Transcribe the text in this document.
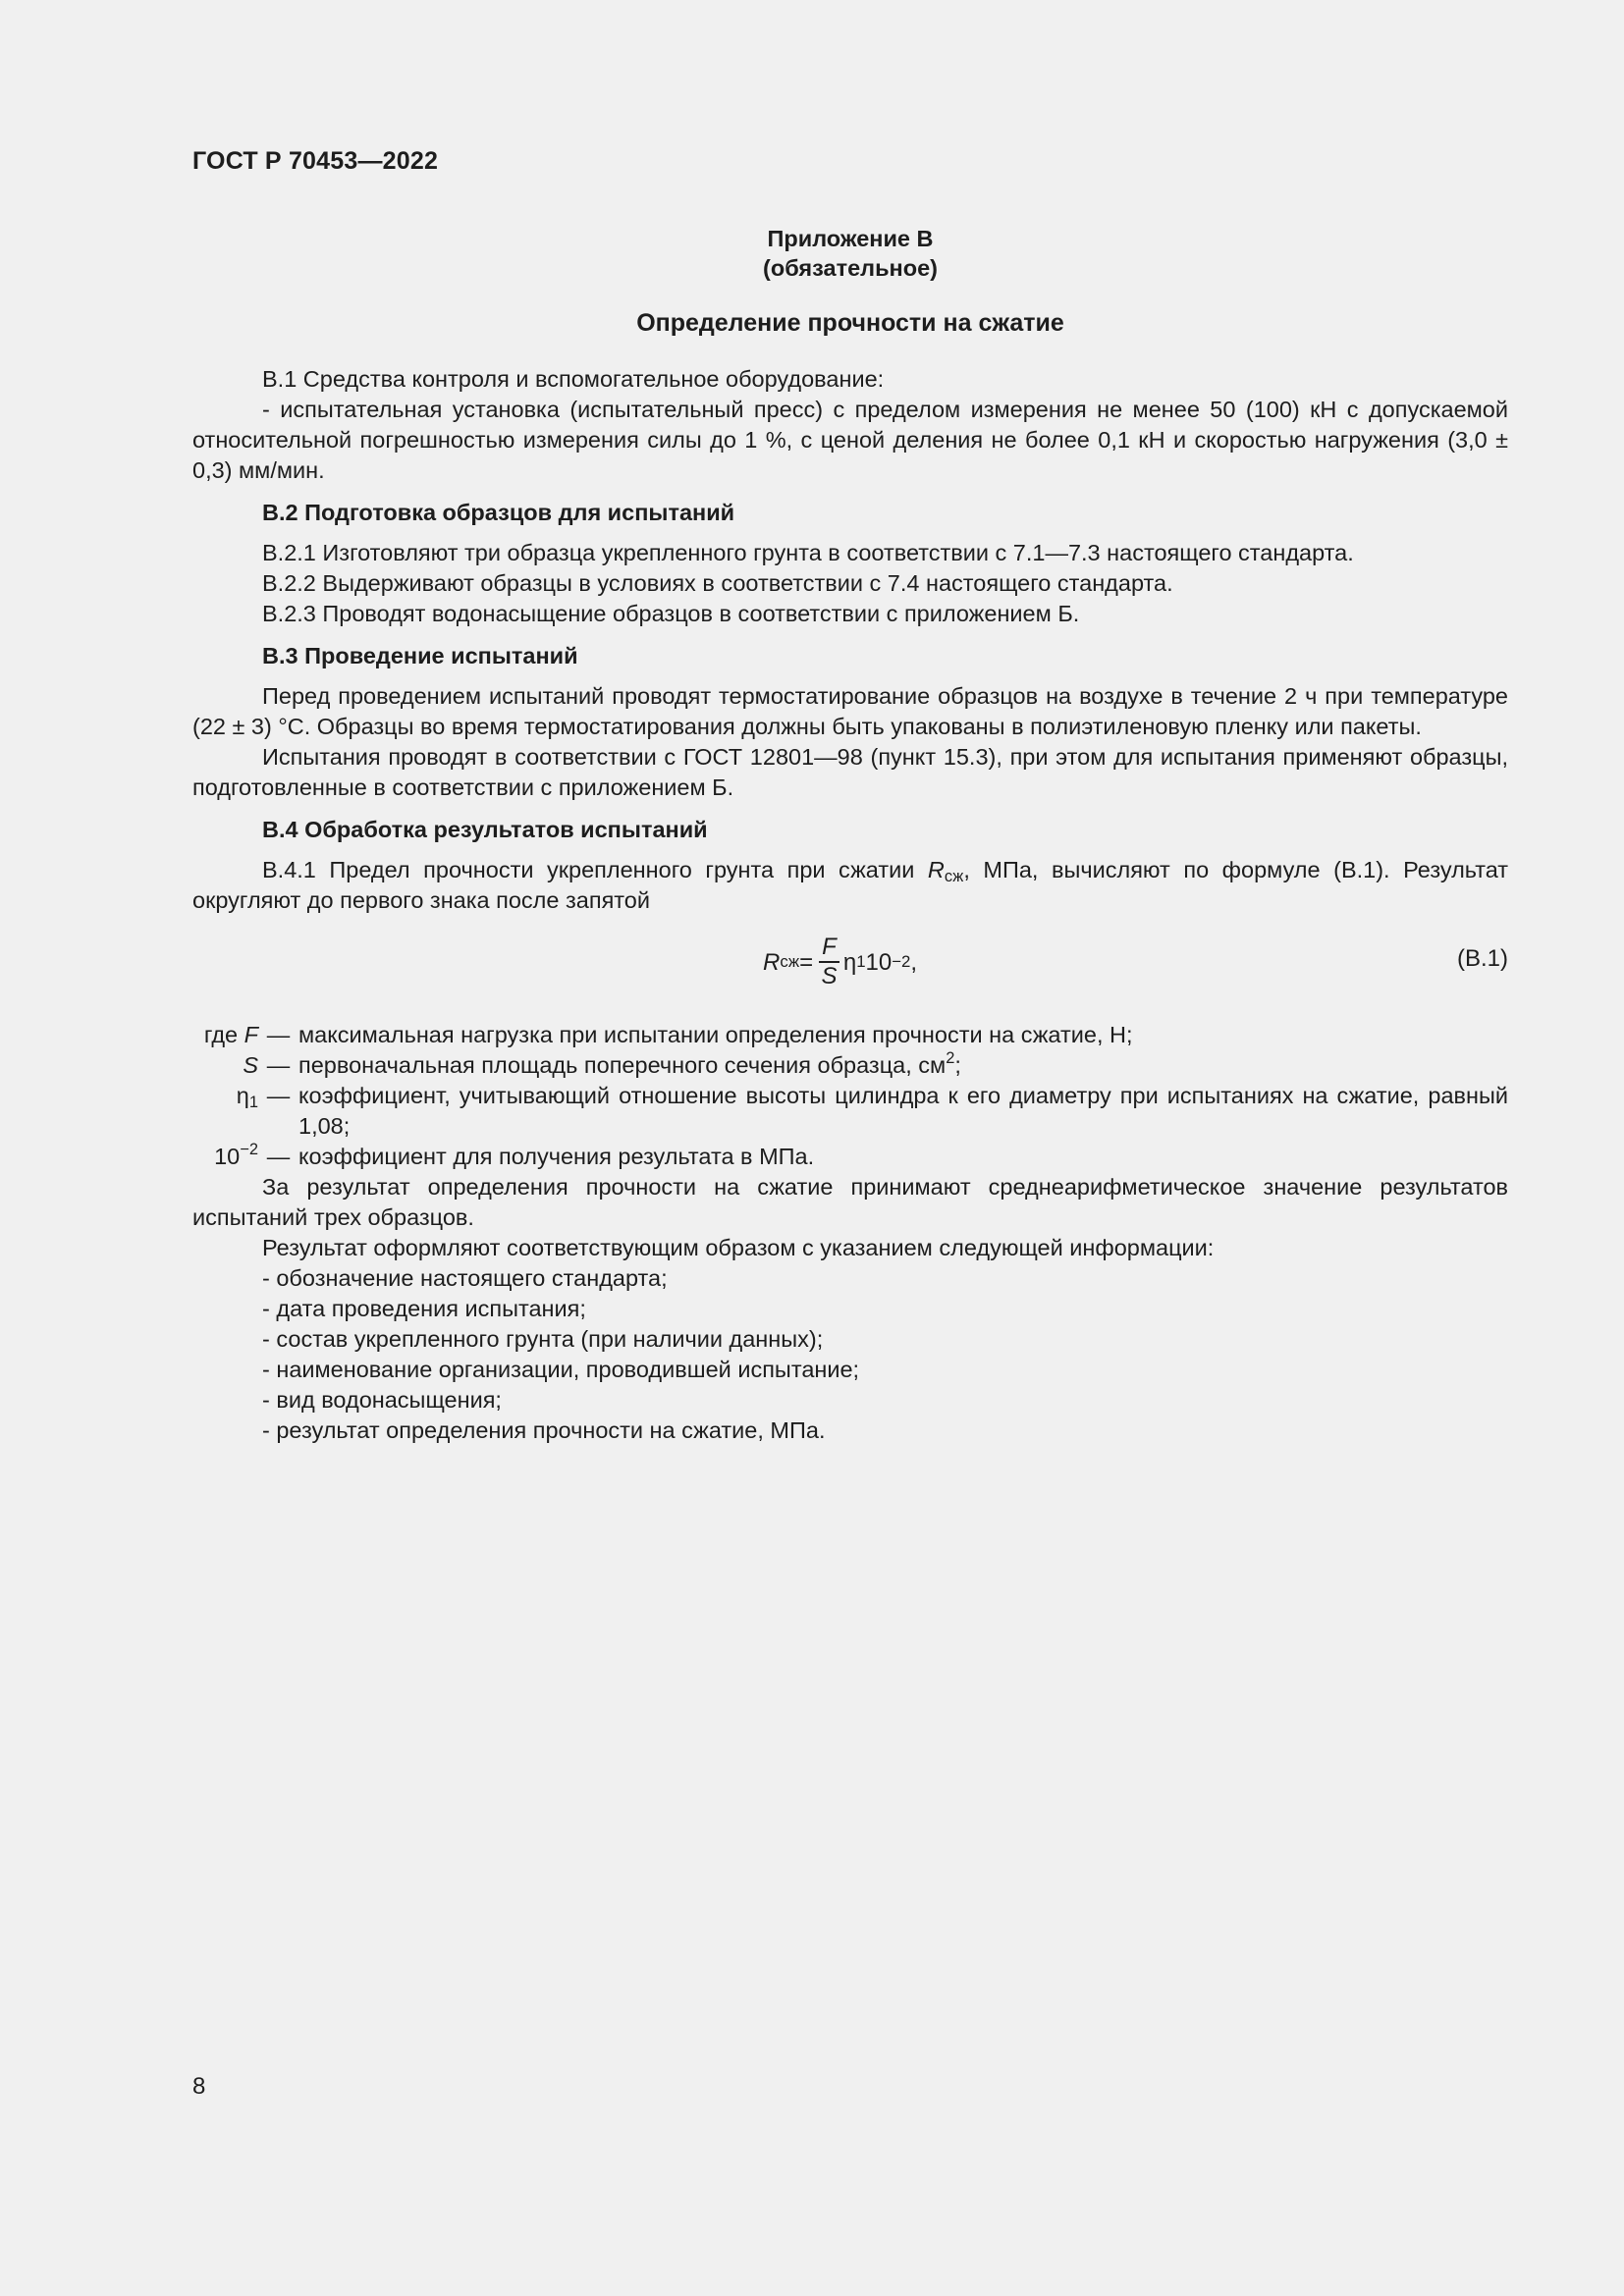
ГОСТ Р 70453—2022
Приложение В
(обязательное)
Определение прочности на сжатие
В.1 Средства контроля и вспомогательное оборудование:
- испытательная установка (испытательный пресс) с пределом измерения не менее 50 (100) кН с допускаемой относительной погрешностью измерения силы до 1 %, с ценой деления не более 0,1 кН и скоростью нагружения (3,0 ± 0,3) мм/мин.
В.2 Подготовка образцов для испытаний
В.2.1 Изготовляют три образца укрепленного грунта в соответствии с 7.1—7.3 настоящего стандарта.
В.2.2 Выдерживают образцы в условиях в соответствии с 7.4 настоящего стандарта.
В.2.3 Проводят водонасыщение образцов в соответствии с приложением Б.
В.3 Проведение испытаний
Перед проведением испытаний проводят термостатирование образцов на воздухе в течение 2 ч при температуре (22 ± 3) °С. Образцы во время термостатирования должны быть упакованы в полиэтиленовую пленку или пакеты.
Испытания проводят в соответствии с ГОСТ 12801—98 (пункт 15.3), при этом для испытания применяют образцы, подготовленные в соответствии с приложением Б.
В.4 Обработка результатов испытаний
В.4.1 Предел прочности укрепленного грунта при сжатии $R_{сж}$, МПа, вычисляют по формуле (В.1). Результат округляют до первого знака после запятой
R сж = $\frac{F}{S}$ η 1 10 −2 ,	(В.1)
где F — максимальная нагрузка при испытании определения прочности на сжатие, Н;
S — первоначальная площадь поперечного сечения образца, $см^2$;
$\eta_1$ — коэффициент, учитывающий отношение высоты цилиндра к его диаметру при испытаниях на сжатие, равный 1,08;
$10^{-2}$ — коэффициент для получения результата в МПа.
За результат определения прочности на сжатие принимают среднеарифметическое значение результатов испытаний трех образцов.
Результат оформляют соответствующим образом с указанием следующей информации:
- обозначение настоящего стандарта;
- дата проведения испытания;
- состав укрепленного грунта (при наличии данных);
- наименование организации, проводившей испытание;
- вид водонасыщения;
- результат определения прочности на сжатие, МПа.
8
